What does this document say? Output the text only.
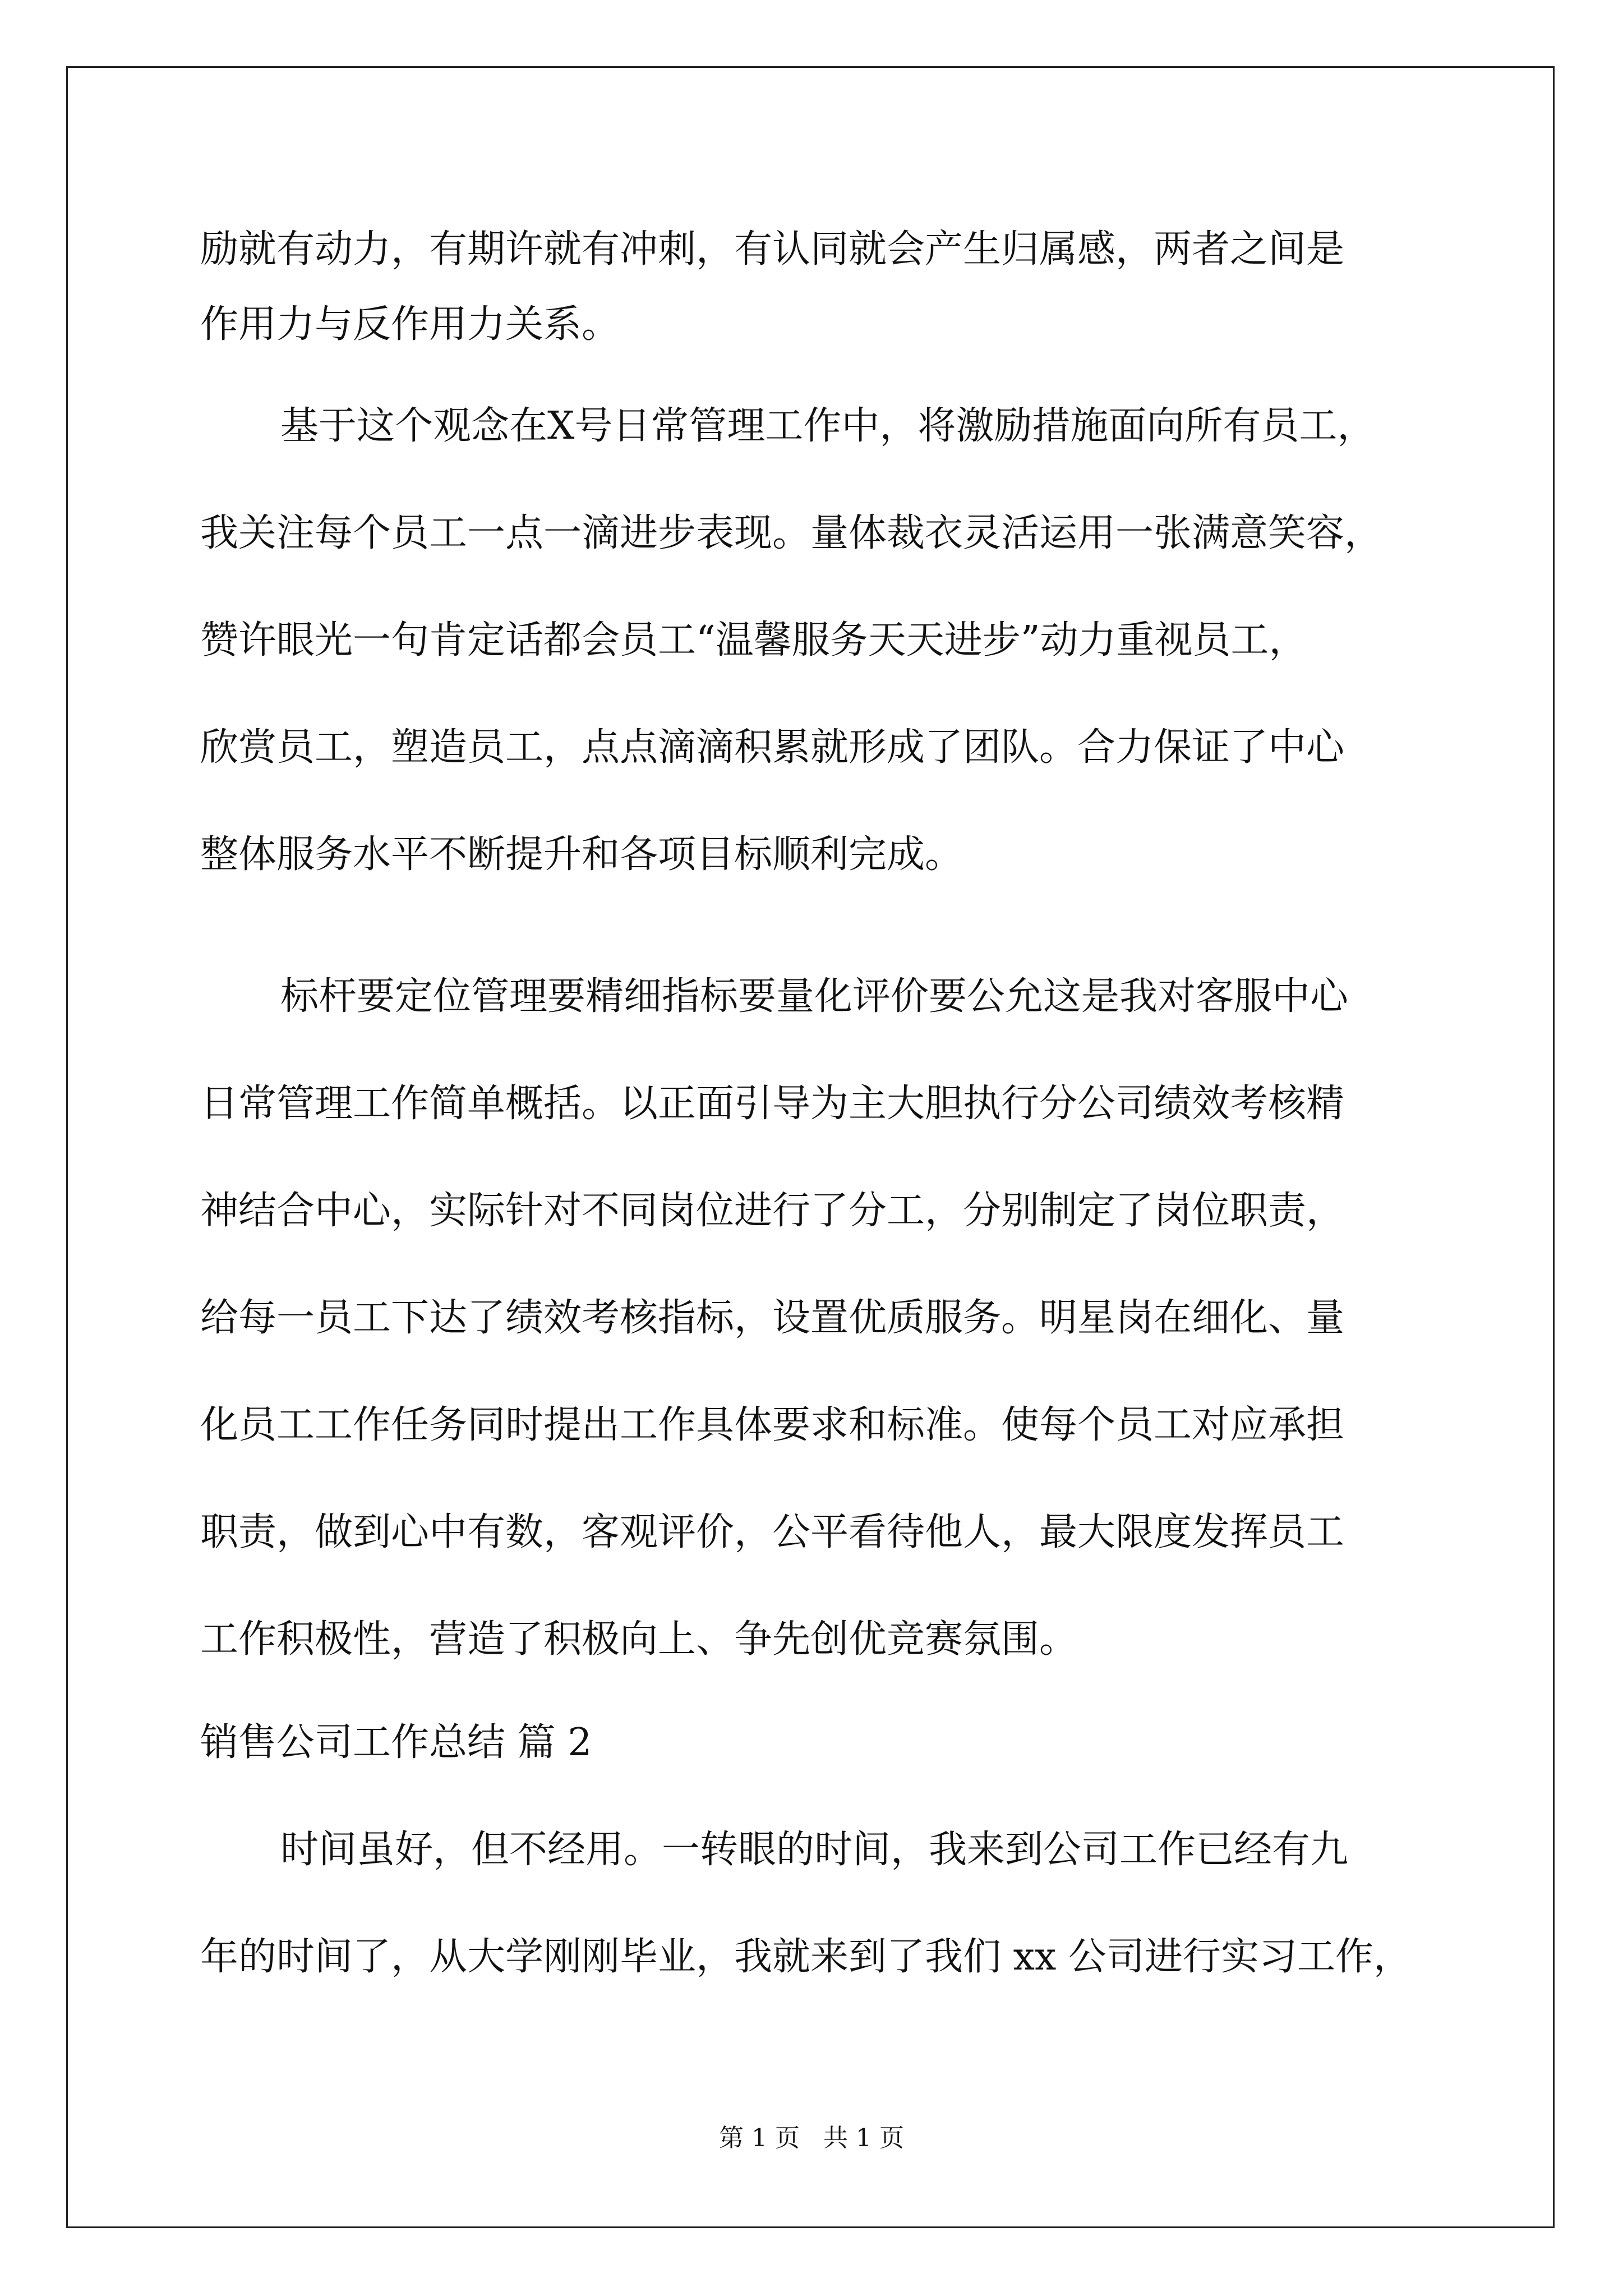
励就有动力，有期许就有冲刺，有认同就会产生归属感，两者之间是
作用力与反作用力关系。
基于这个观念在X号日常管理工作中，将激励措施面向所有员工，
我关注每个员工一点一滴进步表现。量体裁衣灵活运用一张满意笑容，
赞许眼光一句肯定话都会员工“温馨服务天天进步”动力重视员工，
欣赏员工，塑造员工，点点滴滴积累就形成了团队。合力保证了中心
整体服务水平不断提升和各项目标顺利完成。
标杆要定位管理要精细指标要量化评价要公允这是我对客服中心
日常管理工作简单概括。以正面引导为主大胆执行分公司绩效考核精
神结合中心，实际针对不同岗位进行了分工，分别制定了岗位职责，
给每一员工下达了绩效考核指标，设置优质服务。明星岗在细化、量
化员工工作任务同时提出工作具体要求和标准。使每个员工对应承担
职责，做到心中有数，客观评价，公平看待他人，最大限度发挥员工
工作积极性，营造了积极向上、争先创优竞赛氛围。
销售公司工作总结 篇 2
时间虽好，但不经用。一转眼的时间，我来到公司工作已经有九
年的时间了，从大学刚刚毕业，我就来到了我们 xx 公司进行实习工作，
第 1 页 共 1 页
